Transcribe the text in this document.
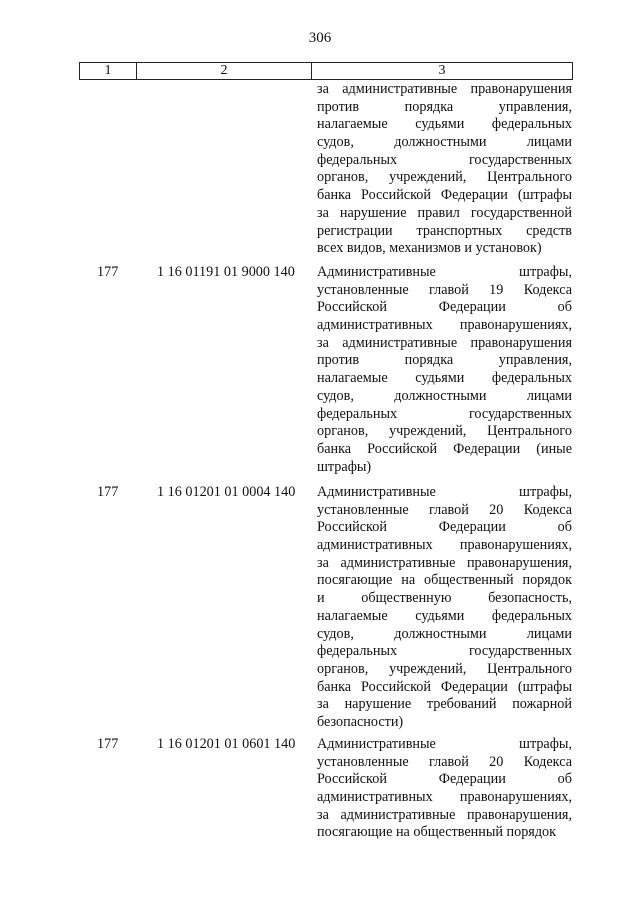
306
1	2	3
за административные правонарушения
против порядка управления,
налагаемые судьями федеральных
судов, должностными лицами
федеральных государственных
органов, учреждений, Центрального
банка Российской Федерации (штрафы
за нарушение правил государственной
регистрации транспортных средств
всех видов, механизмов и установок)
177	1 16 01191 01 9000 140 Административные штрафы,
установленные главой 19 Кодекса
Российской Федерации об
административных правонарушениях,
за административные правонарушения
против порядка управления,
налагаемые судьями федеральных
судов, должностными лицами
федеральных государственных
органов, учреждений, Центрального
банка Российской Федерации (иные
штрафы)
177	1 16 01201 01 0004 140 Административные штрафы,
установленные главой 20 Кодекса
Российской Федерации об
административных правонарушениях,
за административные правонарушения,
посягающие на общественный порядок
и общественную безопасность,
налагаемые судьями федеральных
судов, должностными лицами
федеральных государственных
органов, учреждений, Центрального
банка Российской Федерации (штрафы
за нарушение требований пожарной
безопасности)
177	1 16 01201 01 0601 140 Административные штрафы,
установленные главой 20 Кодекса
Российской Федерации об
административных правонарушениях,
за административные правонарушения,
посягающие на общественный порядок
